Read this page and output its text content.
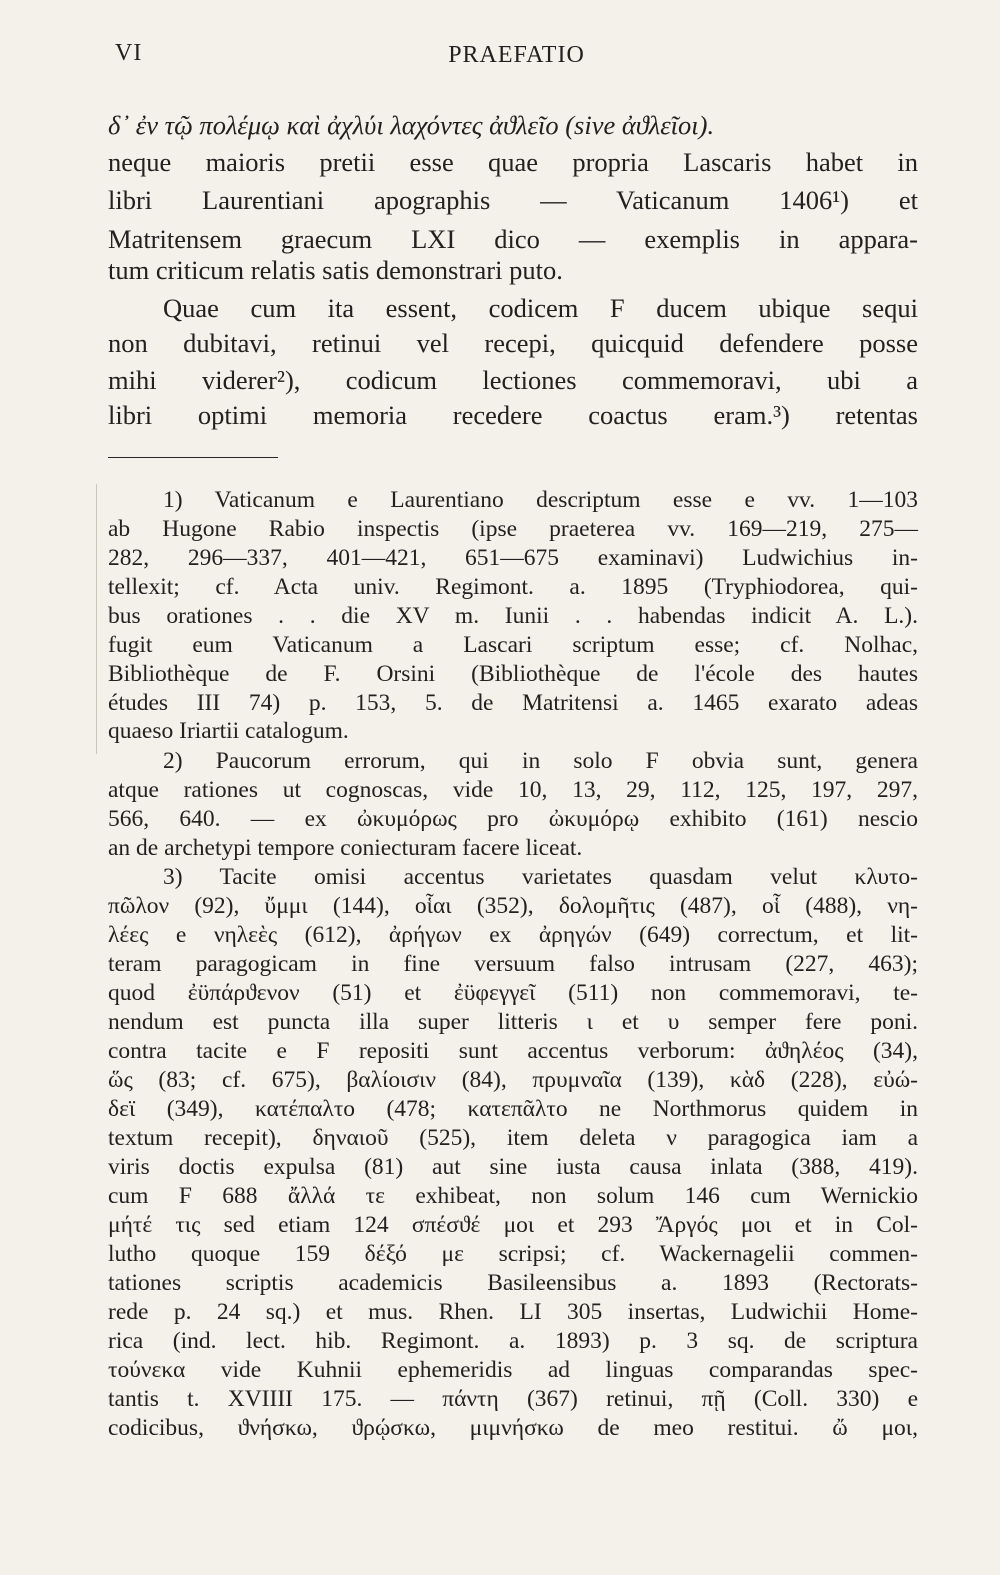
VI	PRAEFATIO
δ᾽ ἐν τῷ πολέμῳ καὶ ἀχλύι λαχόντες ἀϑλεῖο (sive ἀϑλεῖοι).
neque maioris pretii esse quae propria Lascaris habet in
libri Laurentiani apographis — Vaticanum 1406¹) et
Matritensem graecum LXI dico — exemplis in appara-
tum criticum relatis satis demonstrari puto.
Quae cum ita essent, codicem F ducem ubique sequi
non dubitavi, retinui vel recepi, quicquid defendere posse
mihi viderer²), codicum lectiones commemoravi, ubi a
libri optimi memoria recedere coactus eram.³) retentas
1) Vaticanum e Laurentiano descriptum esse e vv. 1—103
ab Hugone Rabio inspectis (ipse praeterea vv. 169—219, 275—
282, 296—337, 401—421, 651—675 examinavi) Ludwichius in-
tellexit; cf. Acta univ. Regimont. a. 1895 (Tryphiodorea, qui-
bus orationes . . die XV m. Iunii . . habendas indicit A. L.).
fugit eum Vaticanum a Lascari scriptum esse; cf. Nolhac,
Bibliothèque de F. Orsini (Bibliothèque de l'école des hautes
études III 74) p. 153, 5. de Matritensi a. 1465 exarato adeas
quaeso Iriartii catalogum.
2) Paucorum errorum, qui in solo F obvia sunt, genera
atque rationes ut cognoscas, vide 10, 13, 29, 112, 125, 197, 297,
566, 640. — ex ὠκυμόρως pro ὠκυμόρῳ exhibito (161) nescio
an de archetypi tempore coniecturam facere liceat.
3) Tacite omisi accentus varietates quasdam velut κλυτο-
πῶλον (92), ὔμμι (144), οἷαι (352), δολομῆτις (487), οἷ (488), νη-
λέες e νηλεὲς (612), ἀρήγων ex ἀρηγών (649) correctum, et lit-
teram paragogicam in fine versuum falso intrusam (227, 463);
quod ἐϋπάρϑενον (51) et ἐϋφεγγεῖ (511) non commemoravi, te-
nendum est puncta illa super litteris ι et υ semper fere poni.
contra tacite e F repositi sunt accentus verborum: ἀϑηλέος (34),
ὥς (83; cf. 675), βαλίοισιν (84), πρυμναῖα (139), κὰδ (228), εὐώ-
δεϊ (349), κατέπαλτο (478; κατεπᾶλτο ne Northmorus quidem in
textum recepit), δηναιοῦ (525), item deleta ν paragogica iam a
viris doctis expulsa (81) aut sine iusta causa inlata (388, 419).
cum F 688 ἄλλά τε exhibeat, non solum 146 cum Wernickio
μήτέ τις sed etiam 124 σπέσϑέ μοι et 293 Ἄργός μοι et in Col-
lutho quoque 159 δέξό με scripsi; cf. Wackernagelii commen-
tationes scriptis academicis Basileensibus a. 1893 (Rectorats-
rede p. 24 sq.) et mus. Rhen. LI 305 insertas, Ludwichii Home-
rica (ind. lect. hib. Regimont. a. 1893) p. 3 sq. de scriptura
τούνεκα vide Kuhnii ephemeridis ad linguas comparandas spec-
tantis t. XVIIII 175. — πάντη (367) retinui, πῇ (Coll. 330) e
codicibus, ϑνήσκω, ϑρῴσκω, μιμνήσκω de meo restitui. ὤ μοι,
